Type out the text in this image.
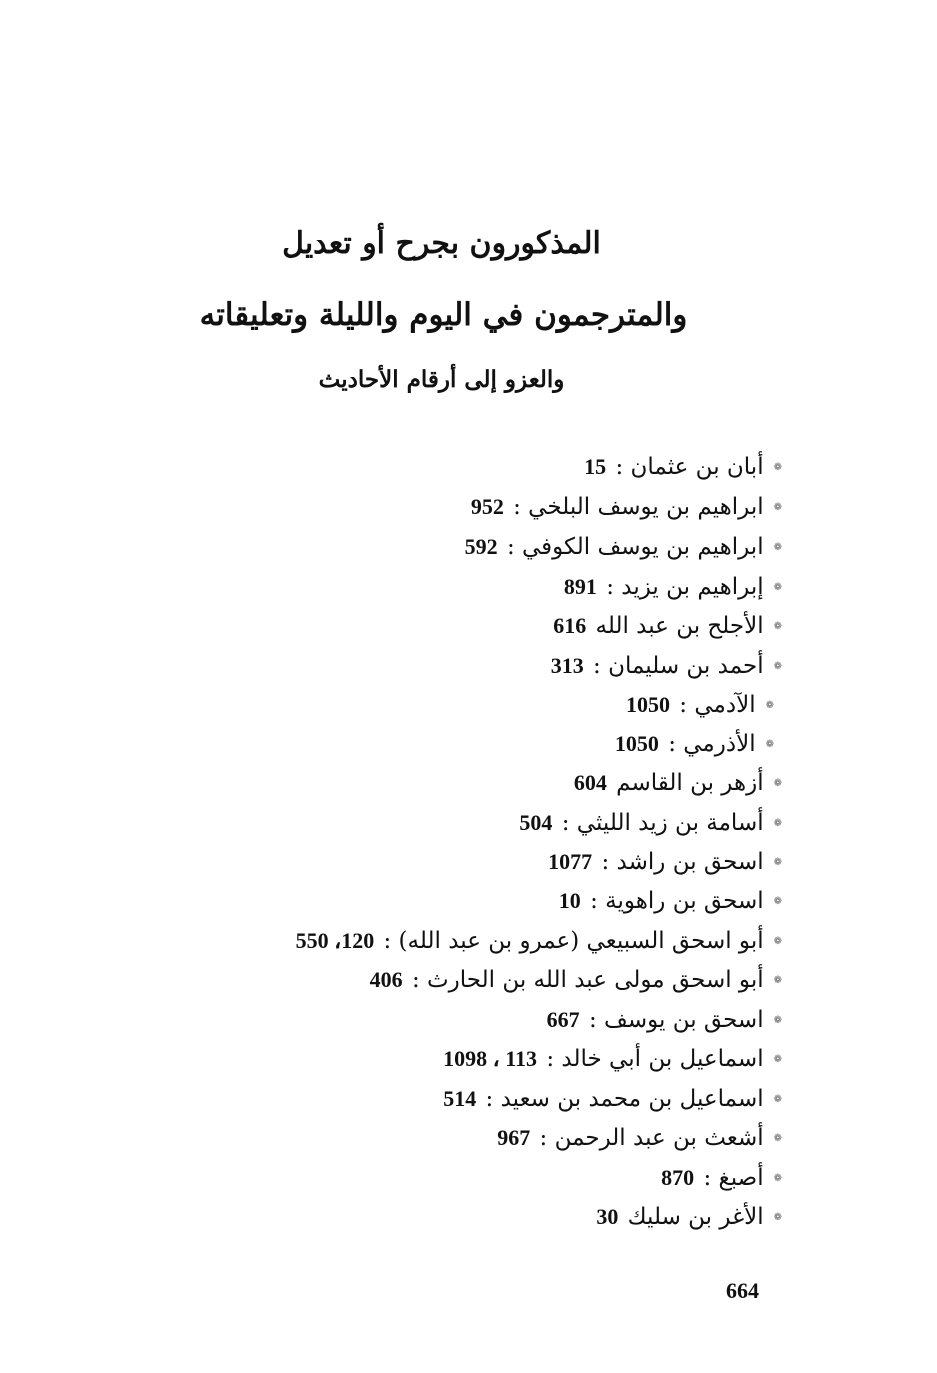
المذكورون بجرح أو تعديل
والمترجمون في اليوم والليلة وتعليقاته
والعزو إلى أرقام الأحاديث
❁أبان بن عثمان : 15
❁ابراهيم بن يوسف البلخي : 952
❁ابراهيم بن يوسف الكوفي : 592
❁إبراهيم بن يزيد : 891
❁الأجلح بن عبد الله 616
❁أحمد بن سليمان : 313
❁الآدمي : 1050
❁الأذرمي : 1050
❁أزهر بن القاسم 604
❁أسامة بن زيد الليثي : 504
❁اسحق بن راشد : 1077
❁اسحق بن راهوية : 10
❁أبو اسحق السبيعي (عمرو بن عبد الله) : 120، 550
❁أبو اسحق مولى عبد الله بن الحارث : 406
❁اسحق بن يوسف : 667
❁اسماعيل بن أبي خالد : 113 ، 1098
❁اسماعيل بن محمد بن سعيد : 514
❁أشعث بن عبد الرحمن : 967
❁أصبغ : 870
❁الأغر بن سليك 30
664
